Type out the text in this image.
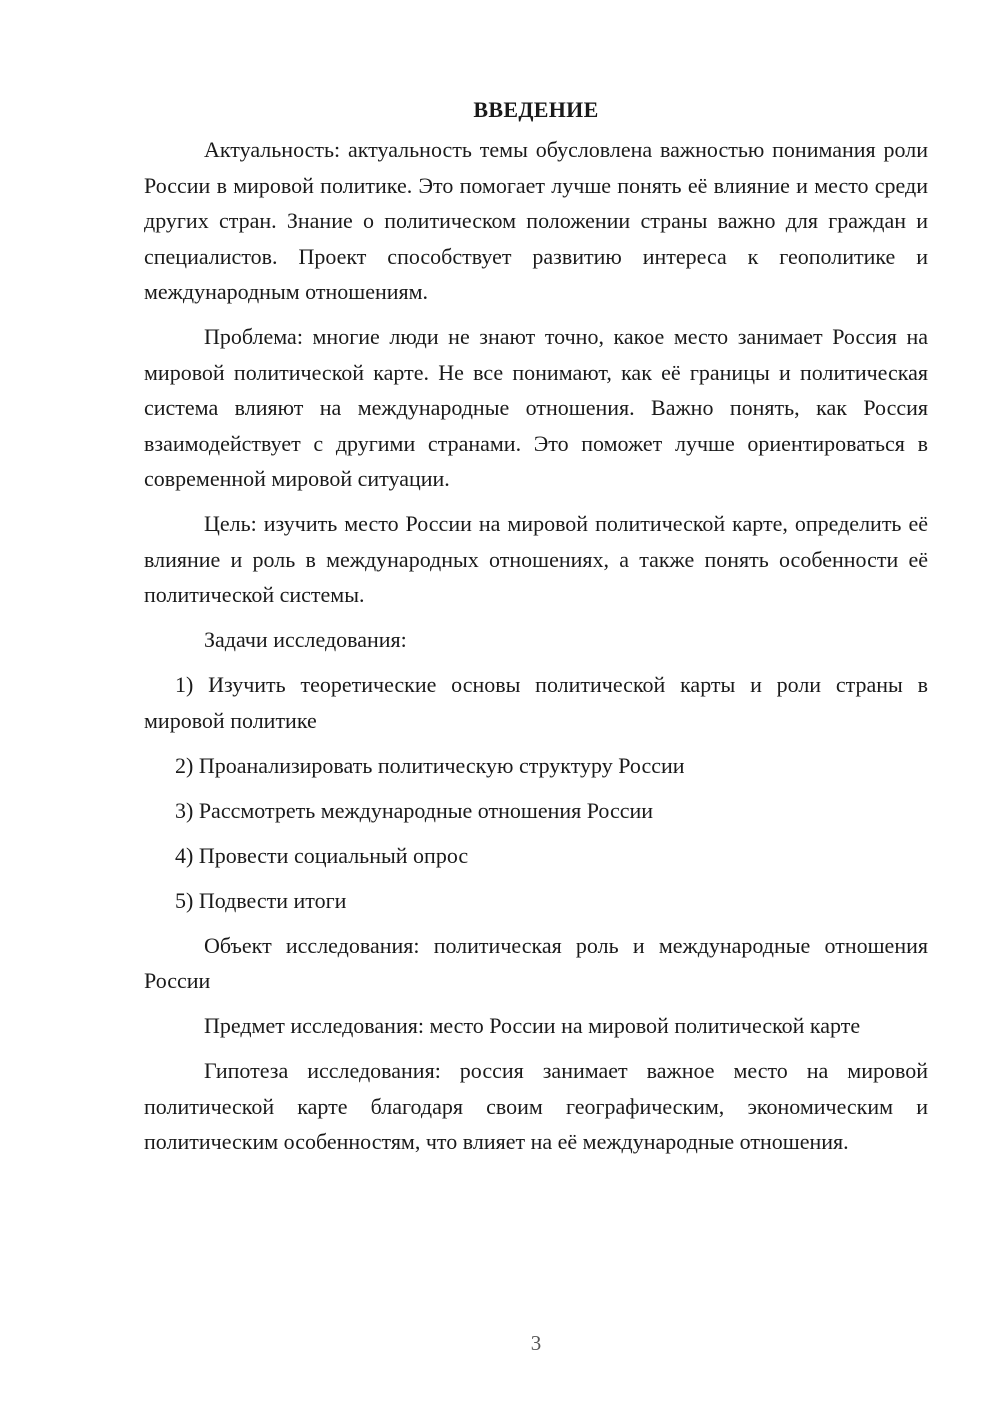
ВВЕДЕНИЕ

Актуальность: актуальность темы обусловлена важностью понимания роли России в мировой политике. Это помогает лучше понять её влияние и место среди других стран. Знание о политическом положении страны важно для граждан и специалистов. Проект способствует развитию интереса к геополитике и международным отношениям.

Проблема: многие люди не знают точно, какое место занимает Россия на мировой политической карте. Не все понимают, как её границы и политическая система влияют на международные отношения. Важно понять, как Россия взаимодействует с другими странами. Это поможет лучше ориентироваться в современной мировой ситуации.

Цель: изучить место России на мировой политической карте, определить её влияние и роль в международных отношениях, а также понять особенности её политической системы.

Задачи исследования:

1) Изучить теоретические основы политической карты и роли страны в мировой политике

2) Проанализировать политическую структуру России

3) Рассмотреть международные отношения России

4) Провести социальный опрос

5) Подвести итоги

Объект исследования: политическая роль и международные отношения России

Предмет исследования: место России на мировой политической карте

Гипотеза исследования: россия занимает важное место на мировой политической карте благодаря своим географическим, экономическим и политическим особенностям, что влияет на её международные отношения.

3
